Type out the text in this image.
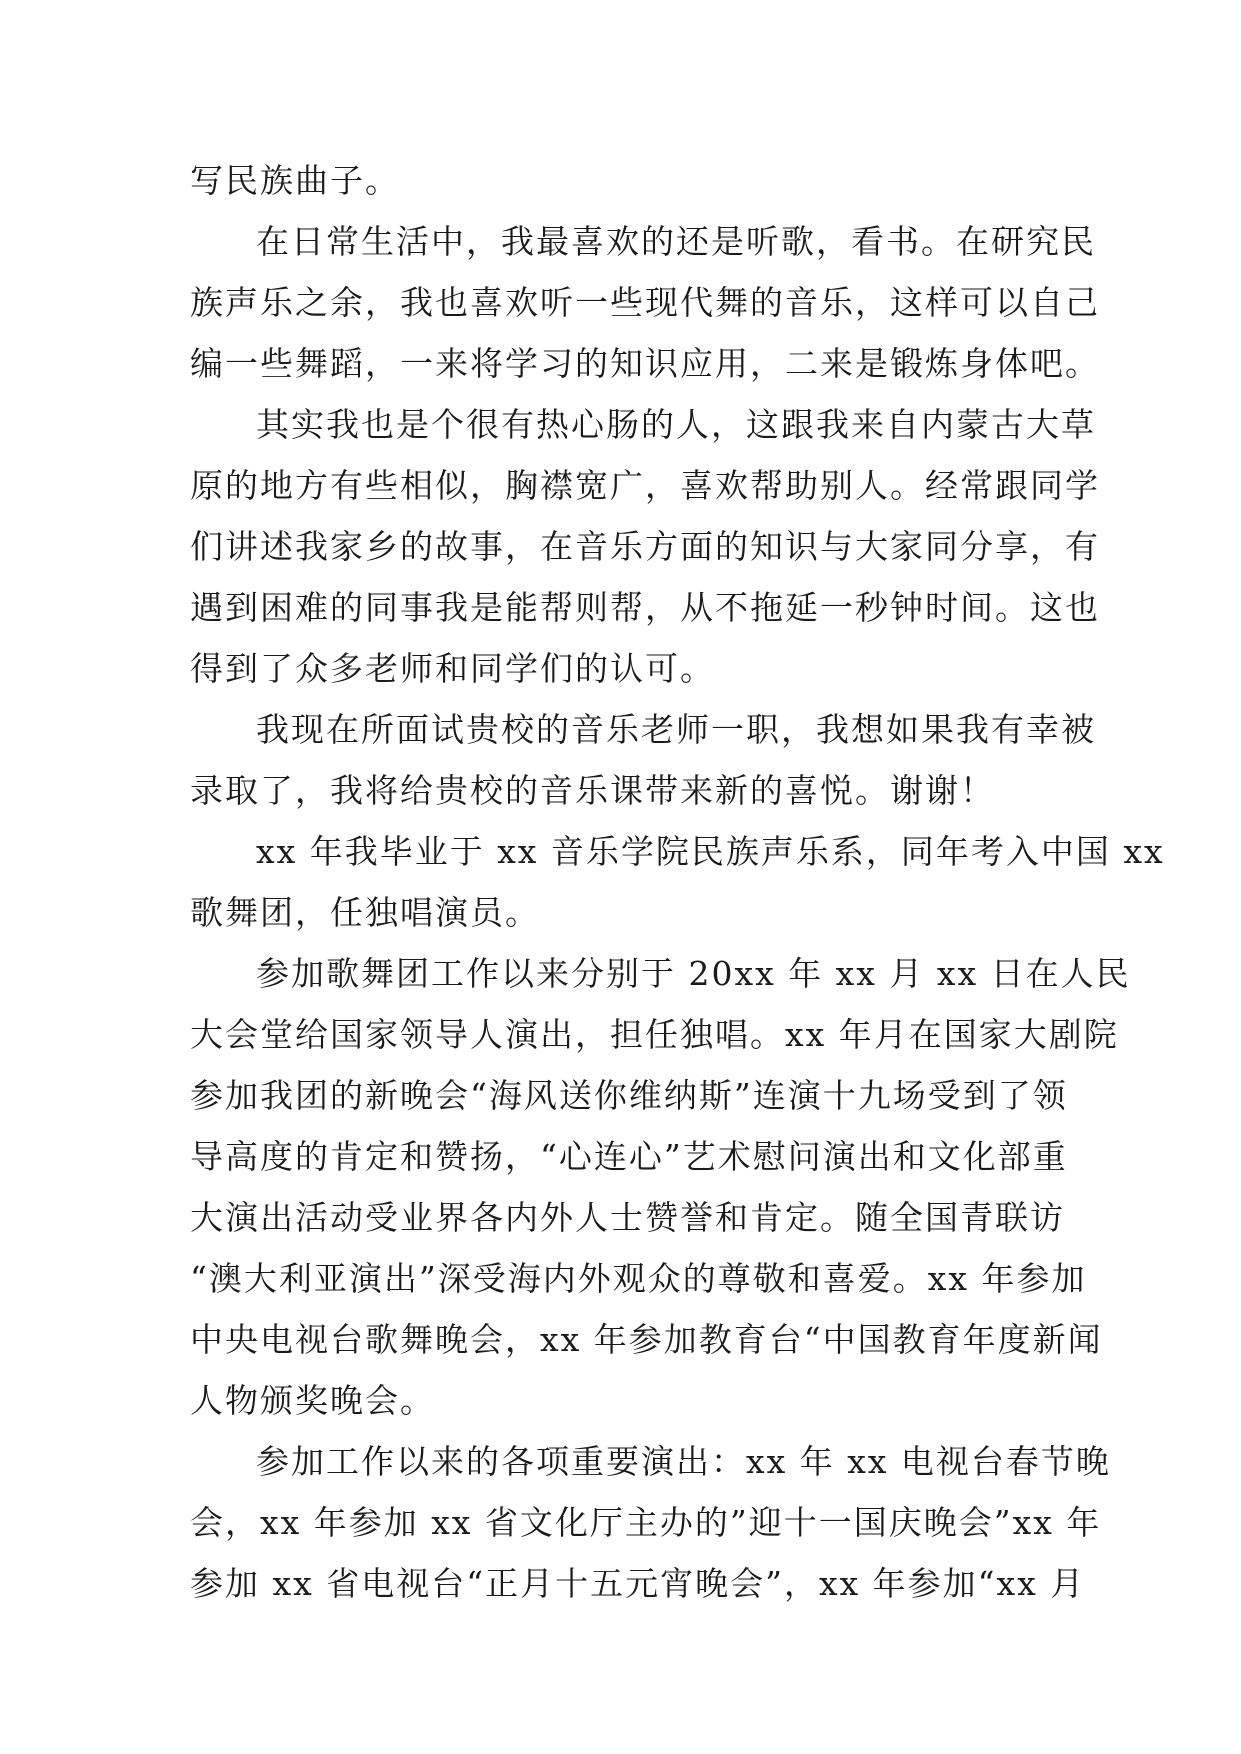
写民族曲子。
在日常生活中，我最喜欢的还是听歌，看书。在研究民
族声乐之余，我也喜欢听一些现代舞的音乐，这样可以自己
编一些舞蹈，一来将学习的知识应用，二来是锻炼身体吧。
其实我也是个很有热心肠的人，这跟我来自内蒙古大草
原的地方有些相似，胸襟宽广，喜欢帮助别人。经常跟同学
们讲述我家乡的故事，在音乐方面的知识与大家同分享，有
遇到困难的同事我是能帮则帮，从不拖延一秒钟时间。这也
得到了众多老师和同学们的认可。
我现在所面试贵校的音乐老师一职，我想如果我有幸被
录取了，我将给贵校的音乐课带来新的喜悦。谢谢！
xx 年我毕业于 xx 音乐学院民族声乐系，同年考入中国 xx
歌舞团，任独唱演员。
参加歌舞团工作以来分别于 20xx 年 xx 月 xx 日在人民
大会堂给国家领导人演出，担任独唱。xx 年月在国家大剧院
参加我团的新晚会“海风送你维纳斯”连演十九场受到了领
导高度的肯定和赞扬，“心连心”艺术慰问演出和文化部重
大演出活动受业界各内外人士赞誉和肯定。随全国青联访
“澳大利亚演出”深受海内外观众的尊敬和喜爱。xx 年参加
中央电视台歌舞晚会，xx 年参加教育台“中国教育年度新闻
人物颁奖晚会。
参加工作以来的各项重要演出：xx 年 xx 电视台春节晚
会，xx 年参加 xx 省文化厅主办的”迎十一国庆晚会”xx 年
参加 xx 省电视台“正月十五元宵晚会”，xx 年参加“xx 月
